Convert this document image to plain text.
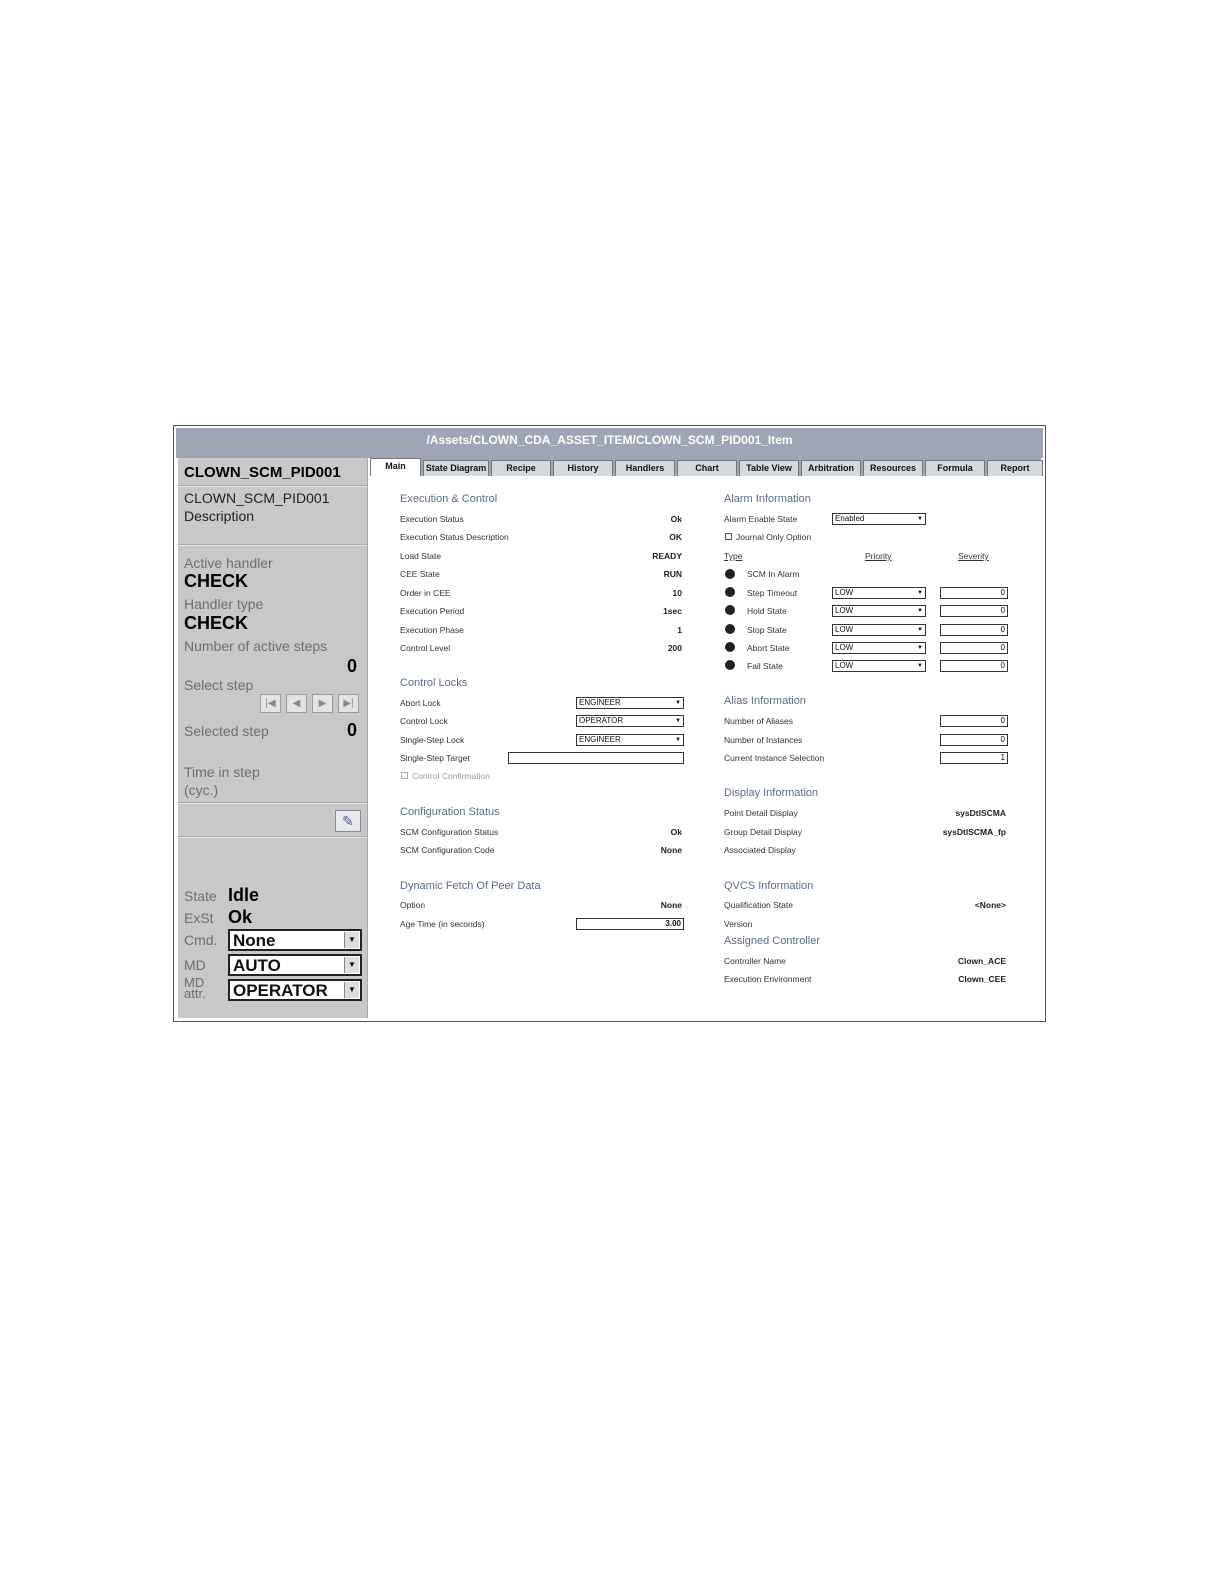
/Assets/CLOWN_CDA_ASSET_ITEM/CLOWN_SCM_PID001_Item
CLOWN_SCM_PID001
CLOWN_SCM_PID001
Description
Active handler
CHECK
Handler type
CHECK
Number of active steps
0
Select step
|◀	◀	▶	▶|
Selected step	0
Time in step
(cyc.)
✎
State Idle
ExSt Ok
Cmd. None	▼
MD AUTO	▼
MD
attr. OPERATOR	▼
Main	State Diagram	Recipe	History	Handlers	Chart	Table View	Arbitration	Resources	Formula	Report
Execution & Control
Execution Status	Ok
Execution Status Description	OK
Load State	READY
CEE State	RUN
Order in CEE	10
Execution Period	1sec
Execution Phase	1
Control Level	200
Control Locks
Abort Lock	ENGINEER	▼
Control Lock	OPERATOR	▼
Single-Step Lock	ENGINEER	▼
Single-Step Target
Control Confirmation
Configuration Status
SCM Configuration Status	Ok
SCM Configuration Code	None
Dynamic Fetch Of Peer Data
Option	None
Age Time (in seconds)	3.00
Alarm Information
Alarm Enable State	Enabled	▼
Journal Only Option
Type	Priority	Severity
SCM In Alarm
Step Timeout	LOW	▼	0
Hold State	LOW	▼	0
Stop State	LOW	▼	0
Abort State	LOW	▼	0
Fail State	LOW	▼	0
Alias Information
Number of Aliases	0
Number of Instances	0
Current Instance Selection	1
Display Information
Point Detail Display	sysDtlSCMA
Group Detail Display	sysDtlSCMA_fp
Associated Display
QVCS Information
Qualification State	<None>
Version
Assigned Controller
Controller Name	Clown_ACE
Execution Environment	Clown_CEE
